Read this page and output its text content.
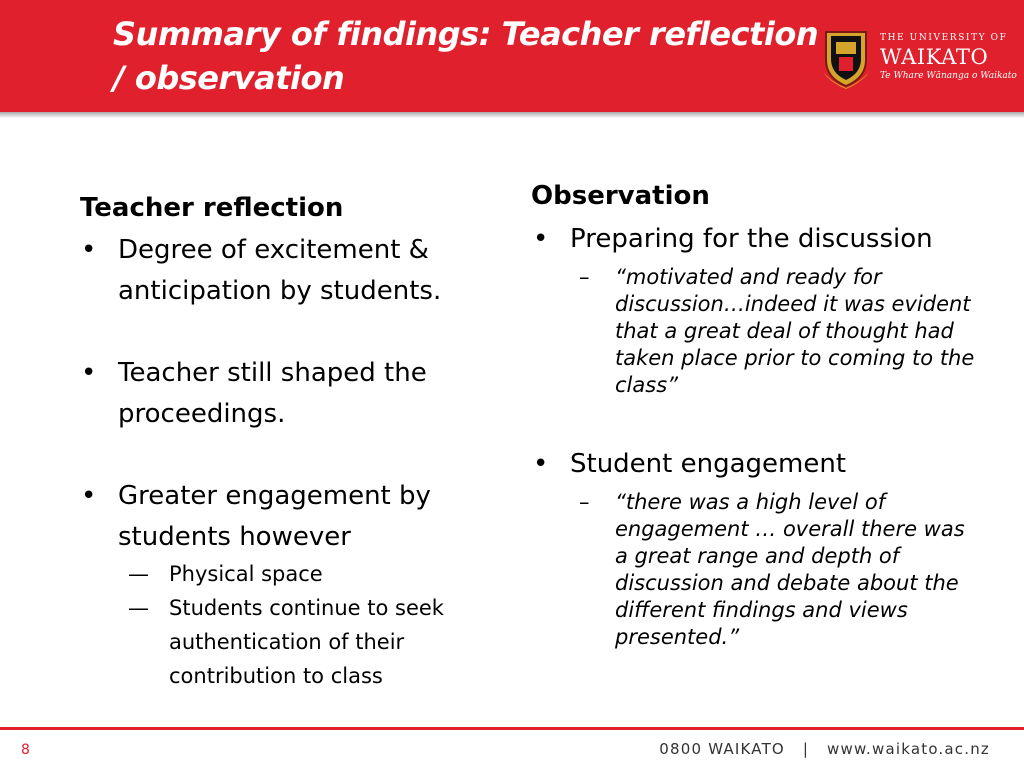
Summary of findings: Teacher reflection
/ observation
THE UNIVERSITY OF
WAIKATO
Te Whare Wānanga o Waikato
Teacher reflection
• Degree of excitement & anticipation by students.
• Teacher still shaped the proceedings.
• Greater engagement by students however
— Physical space
— Students continue to seek authentication of their contribution to class
Observation
• Preparing for the discussion
– “motivated and ready for discussion…indeed it was evident that a great deal of thought had taken place prior to coming to the class”
• Student engagement
– “there was a high level of engagement … overall there was a great range and depth of discussion and debate about the different findings and views presented.”
8	0800 WAIKATO   |   www.waikato.ac.nz
